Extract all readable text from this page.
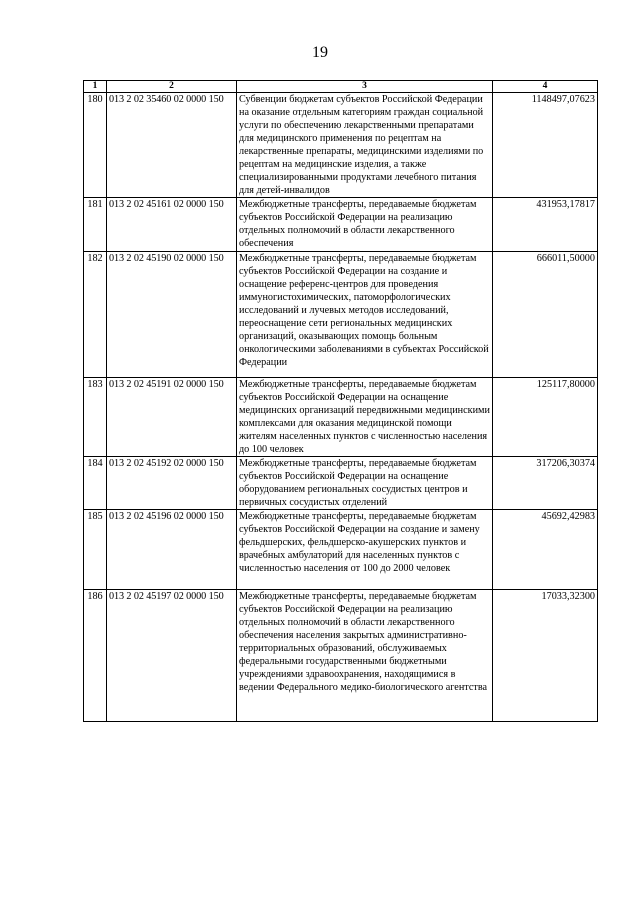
19
1	2	3	4
180	013 2 02 35460 02 0000 150	Субвенции бюджетам субъектов Российской Федерации на оказание отдельным категориям граждан социальной услуги по обеспечению лекарственными препаратами для медицинского применения по рецептам на лекарственные препараты, медицинскими изделиями по рецептам на медицинские изделия, а также специализированными продуктами лечебного питания для детей-инвалидов	1148497,07623
181	013 2 02 45161 02 0000 150	Межбюджетные трансферты, передаваемые бюджетам субъектов Российской Федерации на реализацию отдельных полномочий в области лекарственного обеспечения	431953,17817
182	013 2 02 45190 02 0000 150	Межбюджетные трансферты, передаваемые бюджетам субъектов Российской Федерации на создание и оснащение референс-центров для проведения иммуногистохимических, патоморфологических исследований и лучевых методов исследований, переоснащение сети региональных медицинских организаций, оказывающих помощь больным онкологическими заболеваниями в субъектах Российской Федерации	666011,50000
183	013 2 02 45191 02 0000 150	Межбюджетные трансферты, передаваемые бюджетам субъектов Российской Федерации на оснащение медицинских организаций передвижными медицинскими комплексами для оказания медицинской помощи жителям населенных пунктов с численностью населения до 100 человек	125117,80000
184	013 2 02 45192 02 0000 150	Межбюджетные трансферты, передаваемые бюджетам субъектов Российской Федерации на оснащение оборудованием региональных сосудистых центров и первичных сосудистых отделений	317206,30374
185	013 2 02 45196 02 0000 150	Межбюджетные трансферты, передаваемые бюджетам субъектов Российской Федерации на создание и замену фельдшерских, фельдшерско-акушерских пунктов и врачебных амбулаторий для населенных пунктов с численностью населения от 100 до 2000 человек	45692,42983
186	013 2 02 45197 02 0000 150	Межбюджетные трансферты, передаваемые бюджетам субъектов Российской Федерации на реализацию отдельных полномочий в области лекарственного обеспечения населения закрытых административно-территориальных образований, обслуживаемых федеральными государственными бюджетными учреждениями здравоохранения, находящимися в ведении Федерального медико-биологического агентства	17033,32300
